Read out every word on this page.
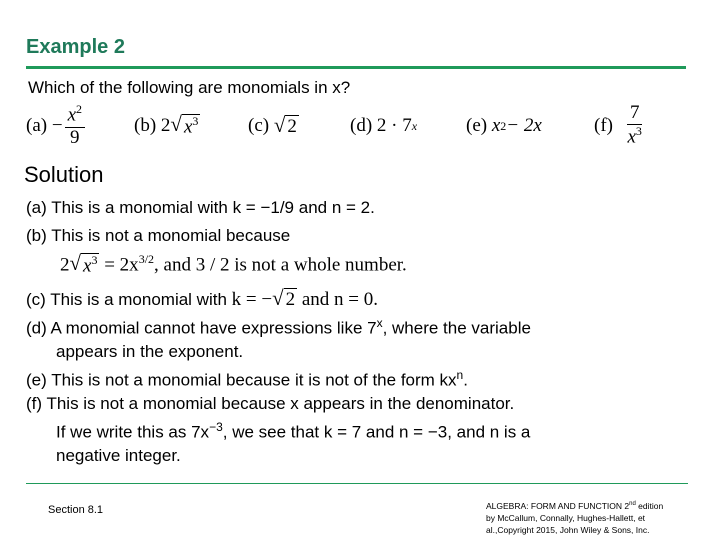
Example 2
Which of the following are monomials in x?
(a)
− $\frac{x^2}{9}$	(b)
2 √ $x^3$	(c)
√ 2	(d)
2 · 7 x	(e)
x 2 − 2x	(f)
$\frac{7}{x^3}$
Solution
(a) This is a monomial with k = −1/9 and n = 2.
(b) This is not a monomial because
2 √ $x^3 = 2x^{3/2}$, and 3 / 2 is not a whole number.
(c) This is a monomial with k = − √ 2 and n = 0.
(d) A monomial cannot have expressions like 7$^x$, where the variable
appears in the exponent.
(e) This is not a monomial because it is not of the form $kx^n$.
(f) This is not a monomial because x appears in the denominator.
If we write this as $7x^{-3}$, we see that k = 7 and n = −3, and n is a
negative integer.
Section 8.1	ALGEBRA: FORM AND FUNCTION 2nd edition
by McCallum, Connally, Hughes-Hallett, et
al.,Copyright 2015, John Wiley & Sons, Inc.
